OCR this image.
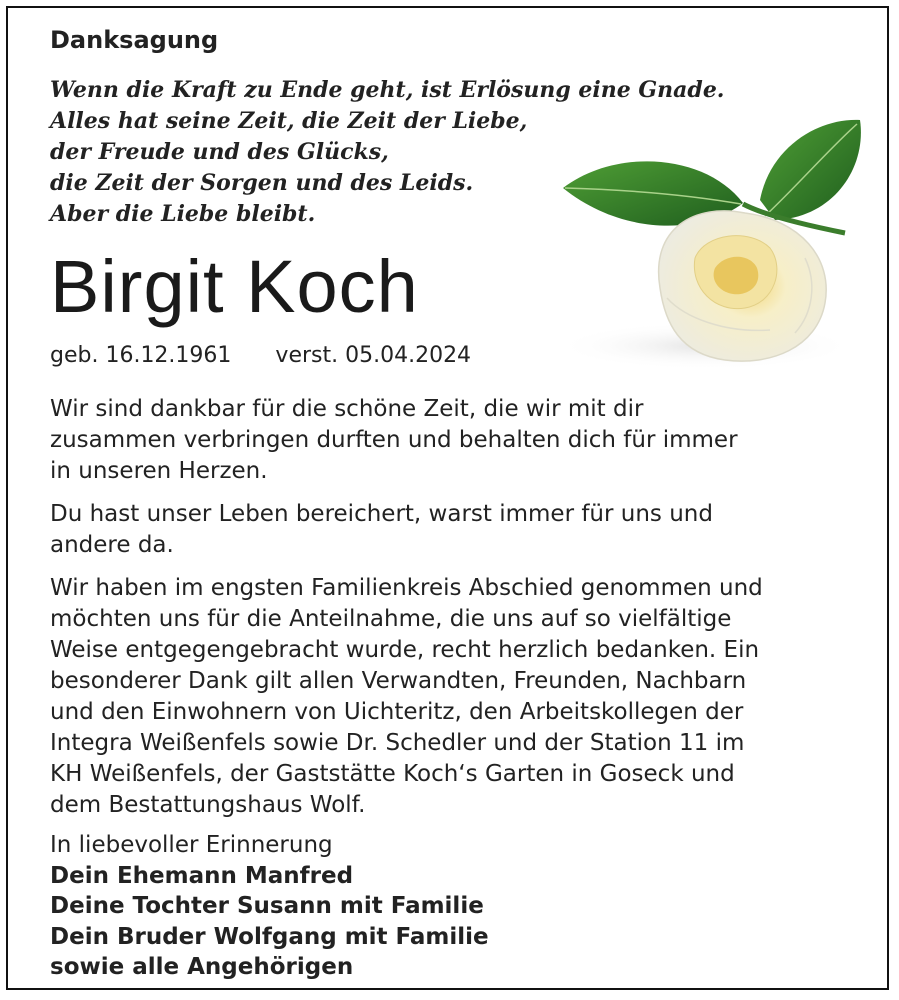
Danksagung
Wenn die Kraft zu Ende geht, ist Erlösung eine Gnade.
Alles hat seine Zeit, die Zeit der Liebe,
der Freude und des Glücks,
die Zeit der Sorgen und des Leids.
Aber die Liebe bleibt.
Birgit Koch
geb. 16.12.1961 verst. 05.04.2024

Wir sind dankbar für die schöne Zeit, die wir mit dir
zusammen verbringen durften und behalten dich für immer
in unseren Herzen.

Du hast unser Leben bereichert, warst immer für uns und
andere da.

Wir haben im engsten Familienkreis Abschied genommen und
möchten uns für die Anteilnahme, die uns auf so vielfältige
Weise entgegengebracht wurde, recht herzlich bedanken. Ein
besonderer Dank gilt allen Verwandten, Freunden, Nachbarn
und den Einwohnern von Uichteritz, den Arbeitskollegen der
Integra Weißenfels sowie Dr. Schedler und der Station 11 im
KH Weißenfels, der Gaststätte Koch‘s Garten in Goseck und
dem Bestattungshaus Wolf.

In liebevoller Erinnerung
Dein Ehemann Manfred
Deine Tochter Susann mit Familie
Dein Bruder Wolfgang mit Familie
sowie alle Angehörigen
